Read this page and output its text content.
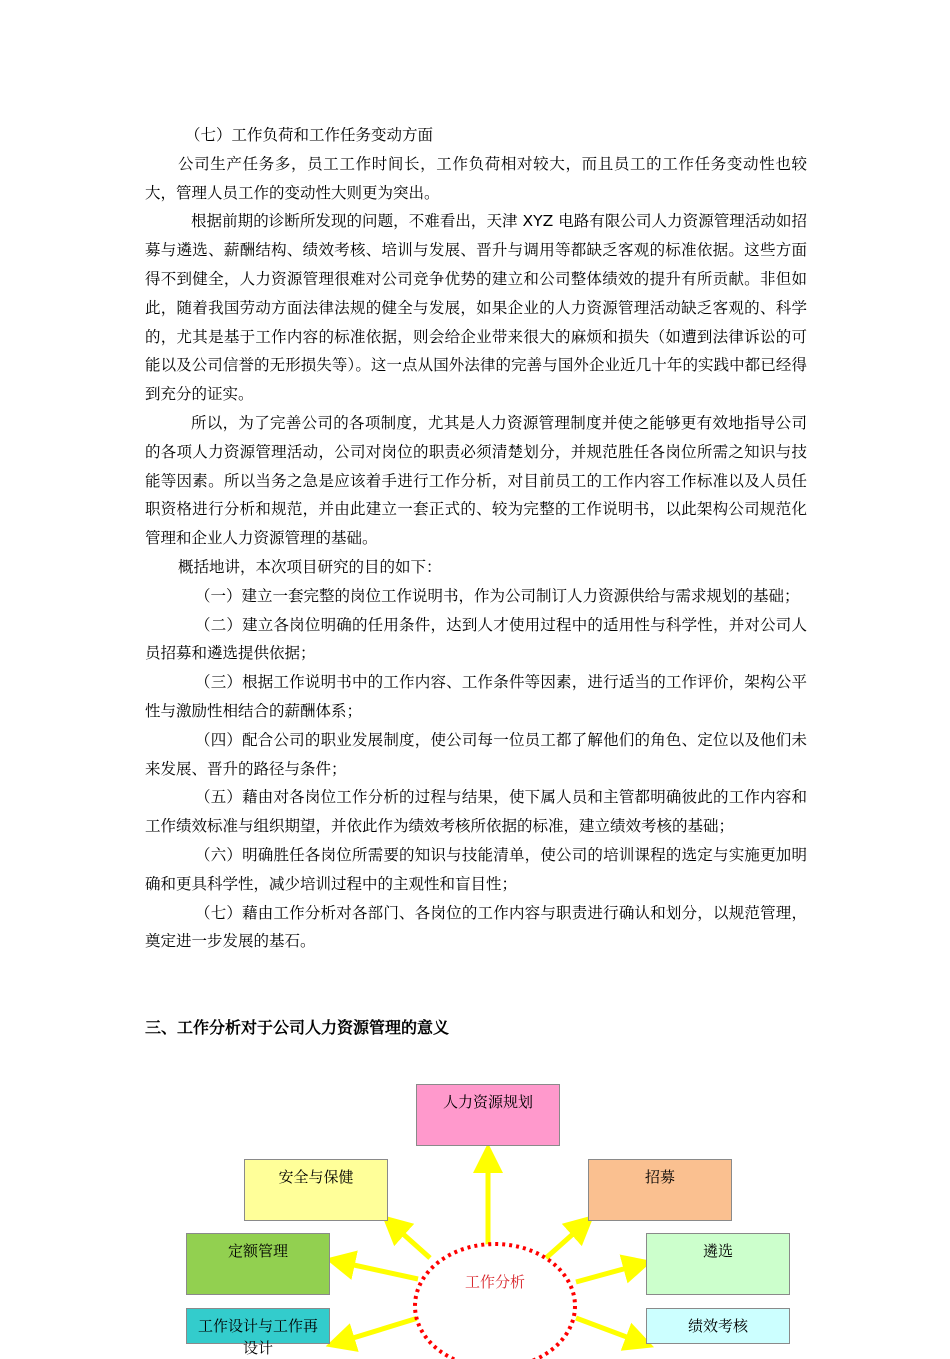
（七）工作负荷和工作任务变动方面

公司生产任务多，员工工作时间长，工作负荷相对较大，而且员工的工作任务变动性也较大，管理人员工作的变动性大则更为突出。

根据前期的诊断所发现的问题，不难看出，天津 XYZ 电路有限公司人力资源管理活动如招募与遴选、薪酬结构、绩效考核、培训与发展、晋升与调用等都缺乏客观的标准依据。这些方面得不到健全，人力资源管理很难对公司竞争优势的建立和公司整体绩效的提升有所贡献。非但如此，随着我国劳动方面法律法规的健全与发展，如果企业的人力资源管理活动缺乏客观的、科学的，尤其是基于工作内容的标准依据，则会给企业带来很大的麻烦和损失（如遭到法律诉讼的可能以及公司信誉的无形损失等）。这一点从国外法律的完善与国外企业近几十年的实践中都已经得到充分的证实。

所以，为了完善公司的各项制度，尤其是人力资源管理制度并使之能够更有效地指导公司的各项人力资源管理活动，公司对岗位的职责必须清楚划分，并规范胜任各岗位所需之知识与技能等因素。所以当务之急是应该着手进行工作分析，对目前员工的工作内容工作标准以及人员任职资格进行分析和规范，并由此建立一套正式的、较为完整的工作说明书，以此架构公司规范化管理和企业人力资源管理的基础。

概括地讲，本次项目研究的目的如下：

（一）建立一套完整的岗位工作说明书，作为公司制订人力资源供给与需求规划的基础；

（二）建立各岗位明确的任用条件，达到人才使用过程中的适用性与科学性，并对公司人员招募和遴选提供依据；

（三）根据工作说明书中的工作内容、工作条件等因素，进行适当的工作评价，架构公平性与激励性相结合的薪酬体系；

（四）配合公司的职业发展制度，使公司每一位员工都了解他们的角色、定位以及他们未来发展、晋升的路径与条件；

（五）藉由对各岗位工作分析的过程与结果，使下属人员和主管都明确彼此的工作内容和工作绩效标准与组织期望，并依此作为绩效考核所依据的标准，建立绩效考核的基础；

（六）明确胜任各岗位所需要的知识与技能清单，使公司的培训课程的选定与实施更加明确和更具科学性，减少培训过程中的主观性和盲目性；

（七）藉由工作分析对各部门、各岗位的工作内容与职责进行确认和划分，以规范管理，奠定进一步发展的基石。

三、工作分析对于公司人力资源管理的意义
工作分析
人力资源规划
安全与保健	招募
定额管理	遴选
工作设计与工作再设计
绩效考核
